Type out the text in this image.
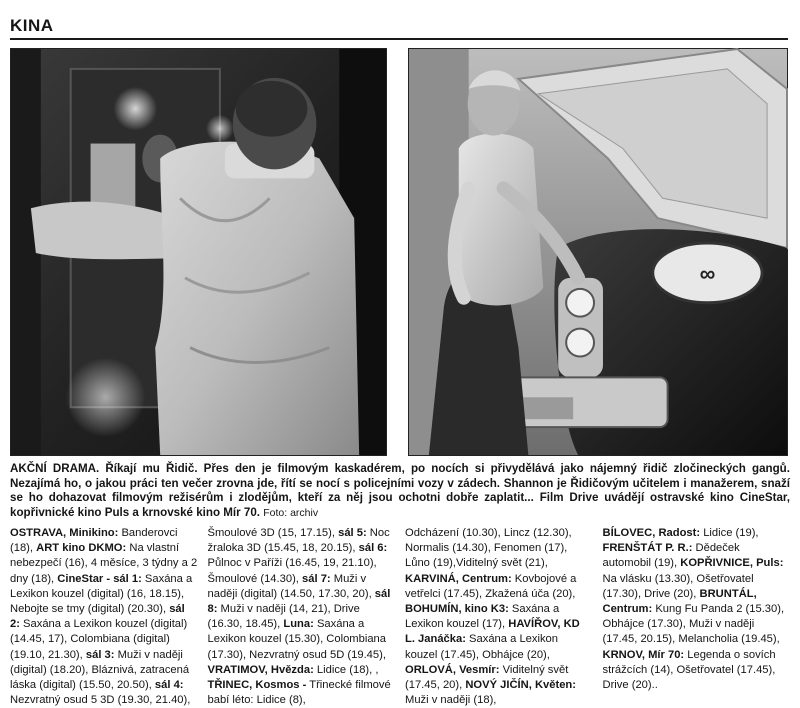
KINA
∞
AKČNÍ DRAMA. Říkají mu Řidič. Přes den je filmovým kaskadérem, po nocích si přivydělává jako nájemný řidič zločineckých gangů. Nezajímá ho, o jakou práci ten večer zrovna jde, řítí se nocí s policejními vozy v zádech. Shannon je Řidičovým učitelem i manažerem, snaží se ho dohazovat filmovým režisérům i zlodějům, kteří za něj jsou ochotni dobře zaplatit... Film Drive uvádějí ostravské kino CineStar, kopřivnické kino Puls a krnovské kino Mír 70. Foto: archiv
OSTRAVA, Minikino: Banderovci (18), ART kino DKMO: Na vlastní nebezpečí (16), 4 měsíce, 3 týdny a 2 dny (18), CineStar - sál 1: Saxána a Lexikon kouzel (digital) (16, 18.15), Nebojte se tmy (digital) (20.30), sál 2: Saxána a Lexikon kouzel (digital) (14.45, 17), Colombiana (digital) (19.10, 21.30), sál 3: Muži v naději (digital) (18.20), Bláznivá, zatracená láska (digital) (15.50, 20.50), sál 4: Nezvratný osud 5 3D (19.30, 21.40),
Šmoulové 3D (15, 17.15), sál 5: Noc žraloka 3D (15.45, 18, 20.15), sál 6: Půlnoc v Paříži (16.45, 19, 21.10), Šmoulové (14.30), sál 7: Muži v naději (digital) (14.50, 17.30, 20), sál 8: Muži v naději (14, 21), Drive (16.30, 18.45), Luna: Saxána a Lexikon kouzel (15.30), Colombiana (17.30), Nezvratný osud 5D (19.45), VRATIMOV, Hvězda: Lidice (18), , TŘINEC, Kosmos - Třinecké filmové babí léto: Lidice (8),
Odcházení (10.30), Lincz (12.30), Normalis (14.30), Fenomen (17), Lůno (19),Viditelný svět (21), KARVINÁ, Centrum: Kovbojové a vetřelci (17.45), Zkažená úča (20), BOHUMÍN, kino K3: Saxána a Lexikon kouzel (17), HAVÍŘOV, KD L. Janáčka: Saxána a Lexikon kouzel (17.45), Obhájce (20), ORLOVÁ, Vesmír: Viditelný svět (17.45, 20), NOVÝ JIČÍN, Květen: Muži v naději (18),
BÍLOVEC, Radost: Lidice (19), FRENŠTÁT P. R.: Dědeček automobil (19), KOPŘIVNICE, Puls: Na vlásku (13.30), Ošetřovatel (17.30), Drive (20), BRUNTÁL, Centrum: Kung Fu Panda 2 (15.30), Obhájce (17.30), Muži v naději (17.45, 20.15), Melancholia (19.45), KRNOV, Mír 70: Legenda o sovích strážcích (14), Ošetřovatel (17.45), Drive (20)..
